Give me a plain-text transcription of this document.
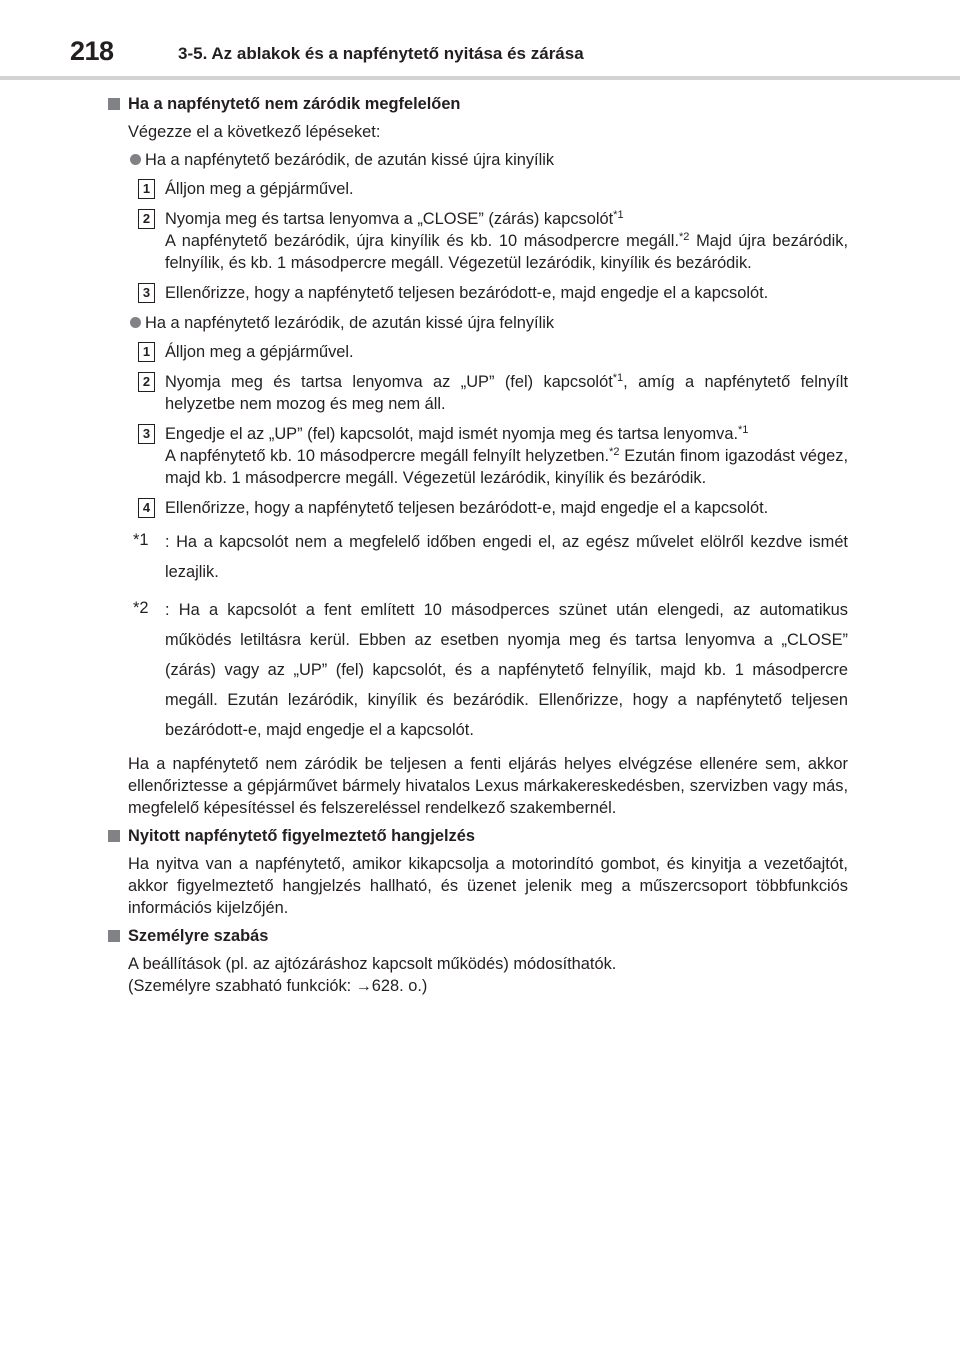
218	3-5. Az ablakok és a napfénytető nyitása és zárása
Ha a napfénytető nem záródik megfelelően
Végezze el a következő lépéseket:
Ha a napfénytető bezáródik, de azután kissé újra kinyílik
1 Álljon meg a gépjárművel.
2 Nyomja meg és tartsa lenyomva a „CLOSE” (zárás) kapcsolót$^{*1}$
A napfénytető bezáródik, újra kinyílik és kb. 10 másodpercre megáll.$^{*2}$ Majd újra bezáródik, felnyílik, és kb. 1 másodpercre megáll. Végezetül lezáródik, kinyílik és bezáródik.
3 Ellenőrizze, hogy a napfénytető teljesen bezáródott-e, majd engedje el a kapcsolót.
Ha a napfénytető lezáródik, de azután kissé újra felnyílik
1 Álljon meg a gépjárművel.
2 Nyomja meg és tartsa lenyomva az „UP” (fel) kapcsolót$^{*1}$, amíg a napfénytető felnyílt helyzetbe nem mozog és meg nem áll.
3 Engedje el az „UP” (fel) kapcsolót, majd ismét nyomja meg és tartsa lenyomva.$^{*1}$
A napfénytető kb. 10 másodpercre megáll felnyílt helyzetben.$^{*2}$ Ezután finom igazodást végez, majd kb. 1 másodpercre megáll. Végezetül lezáródik, kinyílik és bezáródik.
4 Ellenőrizze, hogy a napfénytető teljesen bezáródott-e, majd engedje el a kapcsolót.
*1 : Ha a kapcsolót nem a megfelelő időben engedi el, az egész művelet elölről kezdve ismét lezajlik.
*2 : Ha a kapcsolót a fent említett 10 másodperces szünet után elengedi, az automatikus működés letiltásra kerül. Ebben az esetben nyomja meg és tartsa lenyomva a „CLOSE” (zárás) vagy az „UP” (fel) kapcsolót, és a napfénytető felnyílik, majd kb. 1 másodpercre megáll. Ezután lezáródik, kinyílik és bezáródik. Ellenőrizze, hogy a napfénytető teljesen bezáródott-e, majd engedje el a kapcsolót.
Ha a napfénytető nem záródik be teljesen a fenti eljárás helyes elvégzése ellenére sem, akkor ellenőriztesse a gépjárművet bármely hivatalos Lexus márkakereskedésben, szervizben vagy más, megfelelő képesítéssel és felszereléssel rendelkező szakembernél.
Nyitott napfénytető figyelmeztető hangjelzés
Ha nyitva van a napfénytető, amikor kikapcsolja a motorindító gombot, és kinyitja a vezetőajtót, akkor figyelmeztető hangjelzés hallható, és üzenet jelenik meg a műszercsoport többfunkciós információs kijelzőjén.
Személyre szabás
A beállítások (pl. az ajtózáráshoz kapcsolt működés) módosíthatók.
(Személyre szabható funkciók: →628. o.)
